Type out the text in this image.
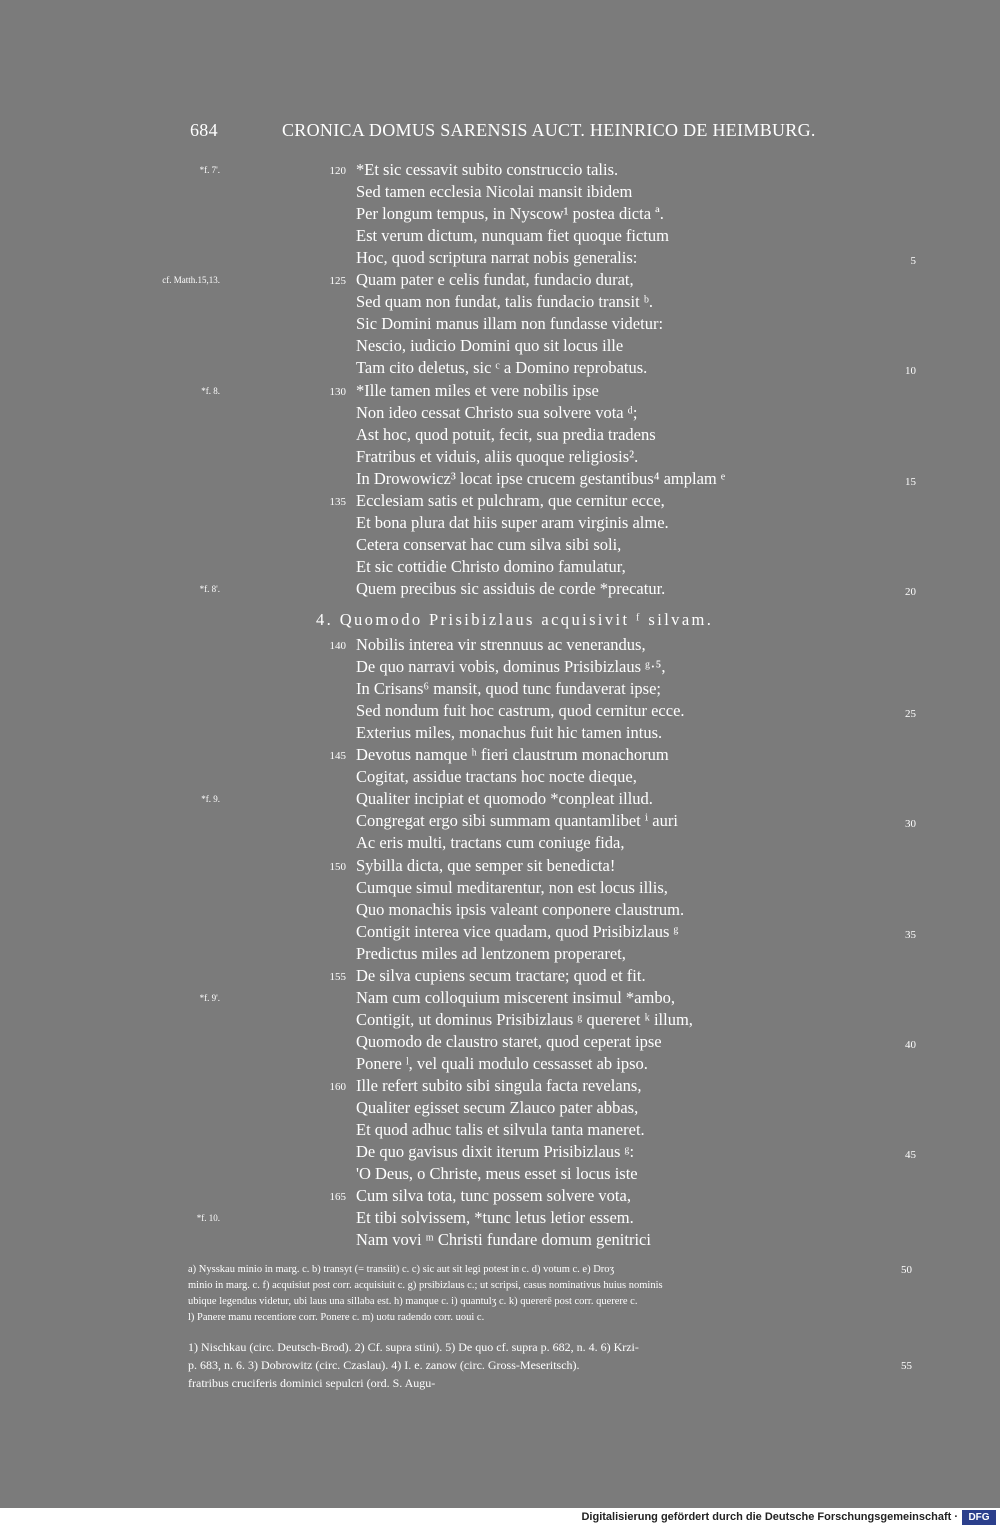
684	CRONICA DOMUS SARENSIS AUCT. HEINRICO DE HEIMBURG.
*f. 7'.	120 *Et sic cessavit subito construccio talis.
Sed tamen ecclesia Nicolai mansit ibidem
Per longum tempus, in Nyscow¹ postea dicta ª.
Est verum dictum, nunquam fiet quoque fictum
Hoc, quod scriptura narrat nobis generalis:	5
cf. Matth.15,13.	125 Quam pater e celis fundat, fundacio durat,
Sed quam non fundat, talis fundacio transit ᵇ.
Sic Domini manus illam non fundasse videtur:
Nescio, iudicio Domini quo sit locus ille
Tam cito deletus, sic ᶜ a Domino reprobatus.	10
*f. 8.	130 *Ille tamen miles et vere nobilis ipse
Non ideo cessat Christo sua solvere vota ᵈ;
Ast hoc, quod potuit, fecit, sua predia tradens
Fratribus et viduis, aliis quoque religiosis².
In Drowowicz³ locat ipse crucem gestantibus⁴ amplam ᵉ	15
135 Ecclesiam satis et pulchram, que cernitur ecce,
Et bona plura dat hiis super aram virginis alme.
Cetera conservat hac cum silva sibi soli,
Et sic cottidie Christo domino famulatur,
*f. 8'.	Quem precibus sic assiduis de corde *precatur.	20
4. Quomodo Prisibizlaus acquisivit ᶠ silvam.
140 Nobilis interea vir strennuus ac venerandus,
De quo narravi vobis, dominus Prisibizlaus ᵍ·⁵,
In Crisans⁶ mansit, quod tunc fundaverat ipse;
Sed nondum fuit hoc castrum, quod cernitur ecce.	25
Exterius miles, monachus fuit hic tamen intus.
145 Devotus namque ʰ fieri claustrum monachorum
Cogitat, assidue tractans hoc nocte dieque,
*f. 9.	Qualiter incipiat et quomodo *conpleat illud.
Congregat ergo sibi summam quantamlibet ⁱ auri	30
Ac eris multi, tractans cum coniuge fida,
150 Sybilla dicta, que semper sit benedicta!
Cumque simul meditarentur, non est locus illis,
Quo monachis ipsis valeant conponere claustrum.
Contigit interea vice quadam, quod Prisibizlaus ᵍ	35
Predictus miles ad lentzonem properaret,
155 De silva cupiens secum tractare; quod et fit.
*f. 9'.	Nam cum colloquium miscerent insimul *ambo,
Contigit, ut dominus Prisibizlaus ᵍ quereret ᵏ illum,
Quomodo de claustro staret, quod ceperat ipse	40
Ponere ˡ, vel quali modulo cessasset ab ipso.
160 Ille refert subito sibi singula facta revelans,
Qualiter egisset secum Zlauco pater abbas,
Et quod adhuc talis et silvula tanta maneret.
De quo gavisus dixit iterum Prisibizlaus ᵍ:	45
'O Deus, o Christe, meus esset si locus iste
165 Cum silva tota, tunc possem solvere vota,
*f. 10.	Et tibi solvissem, *tunc letus letior essem.
Nam vovi ᵐ Christi fundare domum genitrici
a) Nysskau minio in marg. c. b) transyt (= transiit) c. c) sic aut sit legi potest in c. d) votum c. e) Droʒ	50
minio in marg. c. f) acquisiut post corr. acquisiuit c. g) prsibizlaus c.; ut scripsi, casus nominativus huius nominis
ubique legendus videtur, ubi laus una sillaba est. h) manque c. i) quantulʒ c. k) quererē post corr. querere c.
l) Panere manu recentiore corr. Ponere c. m) uotu radendo corr. uoui c.
1) Nischkau (circ. Deutsch-Brod). 2) Cf. supra stini). 5) De quo cf. supra p. 682, n. 4. 6) Krzi-
p. 683, n. 6. 3) Dobrowitz (circ. Czaslau). 4) I. e. zanow (circ. Gross-Meseritsch).	55
fratribus cruciferis dominici sepulcri (ord. S. Augu-
Digitalisierung gefördert durch die Deutsche Forschungsgemeinschaft ·	DFG
